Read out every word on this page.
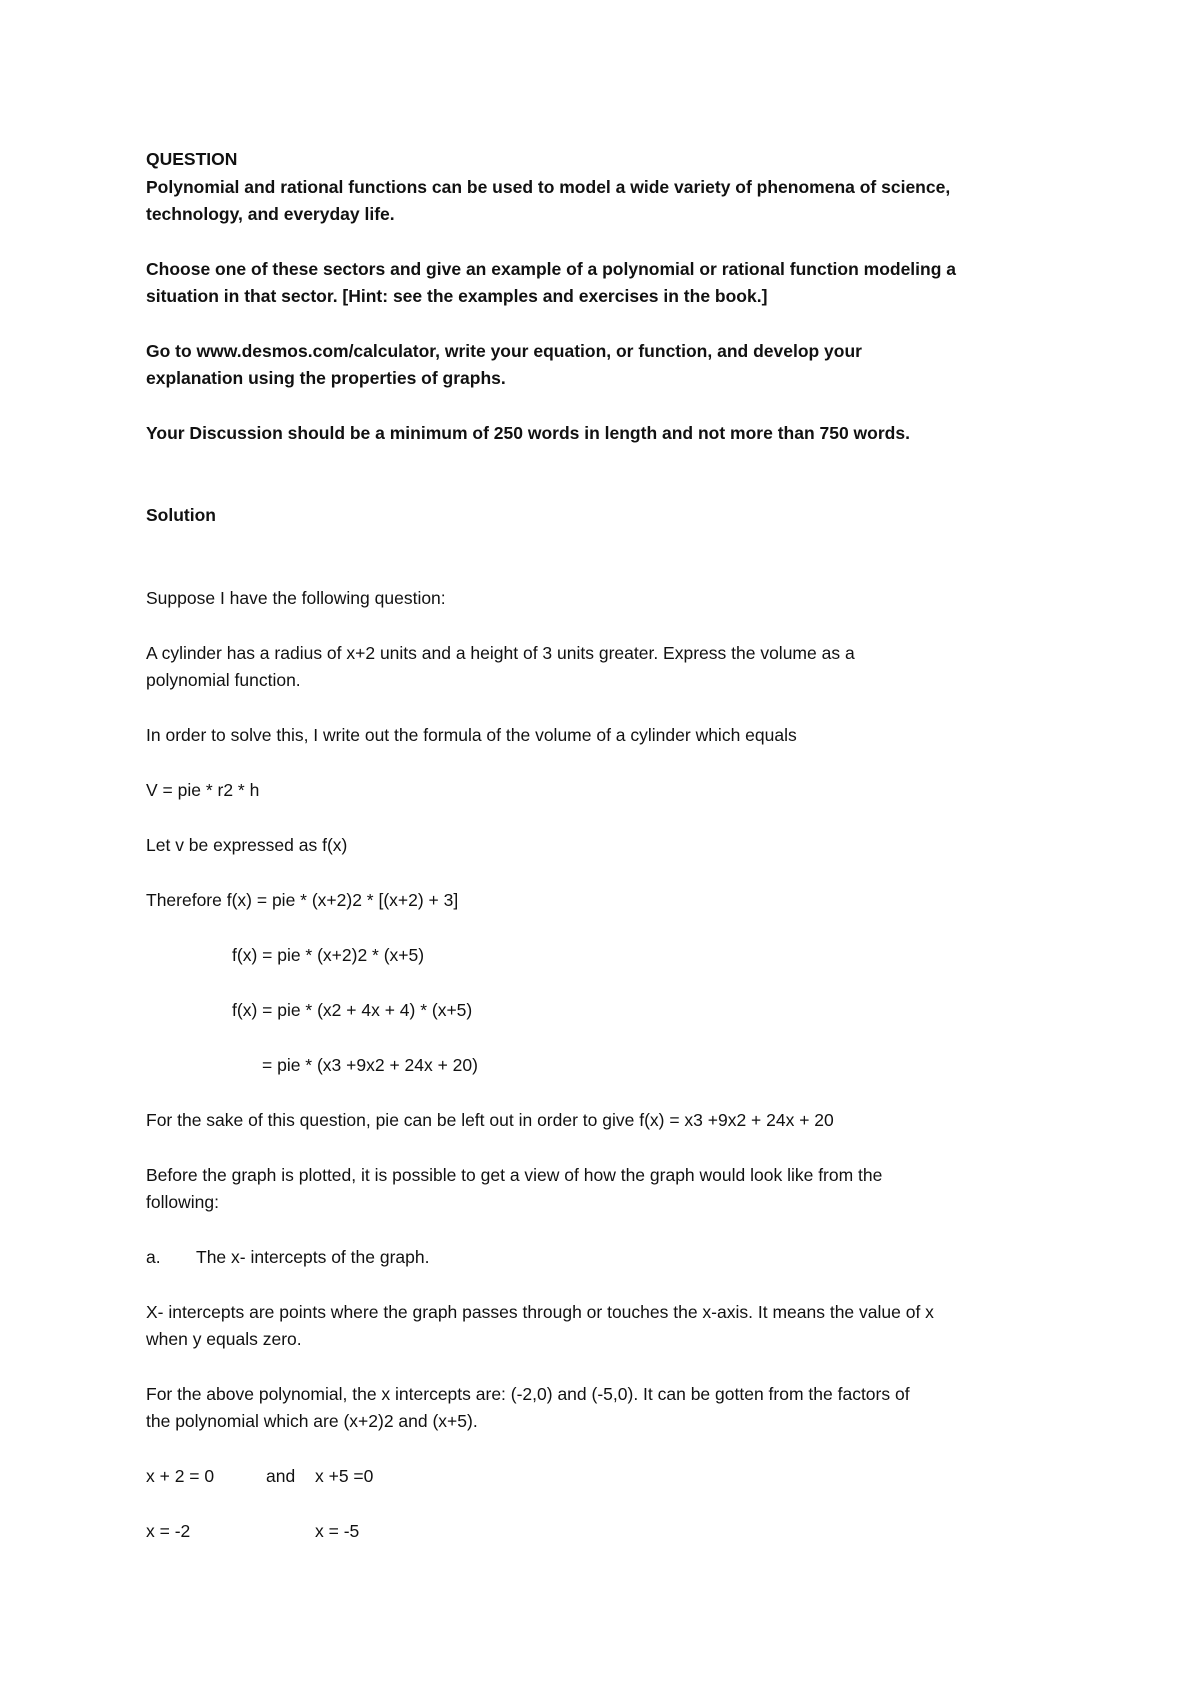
QUESTION

Polynomial and rational functions can be used to model a wide variety of phenomena of science,

technology, and everyday life.

Choose one of these sectors and give an example of a polynomial or rational function modeling a

situation in that sector. [Hint: see the examples and exercises in the book.]

Go to www.desmos.com/calculator, write your equation, or function, and develop your

explanation using the properties of graphs.

Your Discussion should be a minimum of 250 words in length and not more than 750 words.

Solution

Suppose I have the following question:

A cylinder has a radius of x+2 units and a height of 3 units greater. Express the volume as a

polynomial function.

In order to solve this, I write out the formula of the volume of a cylinder which equals

V = pie * r2 * h

Let v be expressed as f(x)

Therefore f(x) = pie * (x+2)2 * [(x+2) + 3]

f(x) = pie * (x+2)2 * (x+5)

f(x) = pie * (x2 + 4x + 4) * (x+5)

= pie * (x3 +9x2 + 24x + 20)

For the sake of this question, pie can be left out in order to give f(x) = x3 +9x2 + 24x + 20

Before the graph is plotted, it is possible to get a view of how the graph would look like from the

following:

a. The x- intercepts of the graph.

X- intercepts are points where the graph passes through or touches the x-axis. It means the value of x

when y equals zero.

For the above polynomial, the x intercepts are: (-2,0) and (-5,0). It can be gotten from the factors of

the polynomial which are (x+2)2 and (x+5).

x + 2 = 0	and x +5 =0
x = -2	x = -5
